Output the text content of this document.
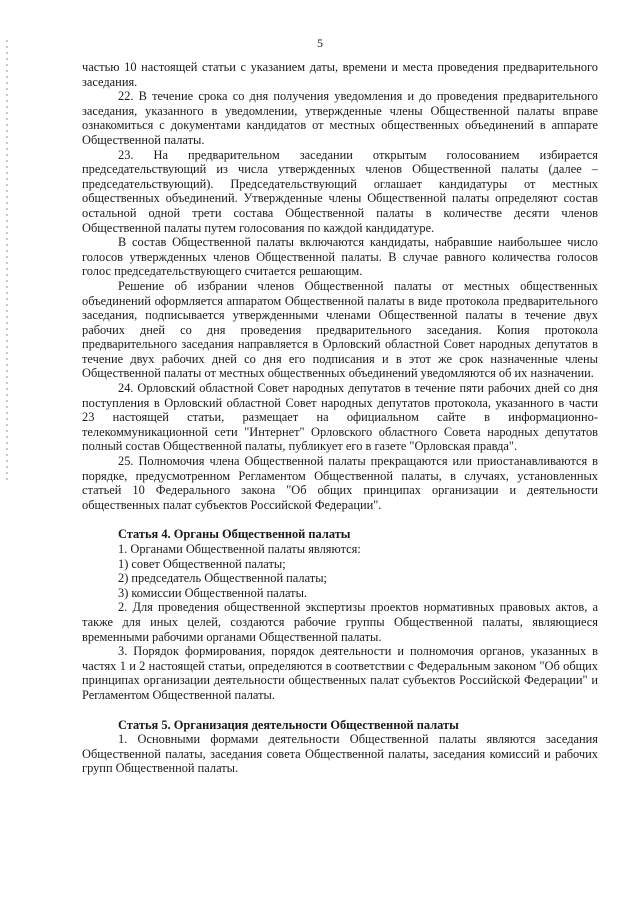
5

частью 10 настоящей статьи с указанием даты, времени и места проведения предварительного заседания.

22. В течение срока со дня получения уведомления и до проведения предварительного заседания, указанного в уведомлении, утвержденные члены Общественной палаты вправе ознакомиться с документами кандидатов от местных общественных объединений в аппарате Общественной палаты.

23. На предварительном заседании открытым голосованием избирается председательствующий из числа утвержденных членов Общественной палаты (далее – председательствующий). Председательствующий оглашает кандидатуры от местных общественных объединений. Утвержденные члены Общественной палаты определяют состав остальной одной трети состава Общественной палаты в количестве десяти членов Общественной палаты путем голосования по каждой кандидатуре.

В состав Общественной палаты включаются кандидаты, набравшие наибольшее число голосов утвержденных членов Общественной палаты. В случае равного количества голосов голос председательствующего считается решающим.

Решение об избрании членов Общественной палаты от местных общественных объединений оформляется аппаратом Общественной палаты в виде протокола предварительного заседания, подписывается утвержденными членами Общественной палаты в течение двух рабочих дней со дня проведения предварительного заседания. Копия протокола предварительного заседания направляется в Орловский областной Совет народных депутатов в течение двух рабочих дней со дня его подписания и в этот же срок назначенные члены Общественной палаты от местных общественных объединений уведомляются об их назначении.

24. Орловский областной Совет народных депутатов в течение пяти рабочих дней со дня поступления в Орловский областной Совет народных депутатов протокола, указанного в части 23 настоящей статьи, размещает на официальном сайте в информационно-телекоммуникационной сети "Интернет" Орловского областного Совета народных депутатов полный состав Общественной палаты, публикует его в газете "Орловская правда".

25. Полномочия члена Общественной палаты прекращаются или приостанавливаются в порядке, предусмотренном Регламентом Общественной палаты, в случаях, установленных статьей 10 Федерального закона "Об общих принципах организации и деятельности общественных палат субъектов Российской Федерации".

Статья 4. Органы Общественной палаты

1. Органами Общественной палаты являются:

1) совет Общественной палаты;

2) председатель Общественной палаты;

3) комиссии Общественной палаты.

2. Для проведения общественной экспертизы проектов нормативных правовых актов, а также для иных целей, создаются рабочие группы Общественной палаты, являющиеся временными рабочими органами Общественной палаты.

3. Порядок формирования, порядок деятельности и полномочия органов, указанных в частях 1 и 2 настоящей статьи, определяются в соответствии с Федеральным законом "Об общих принципах организации деятельности общественных палат субъектов Российской Федерации" и Регламентом Общественной палаты.

Статья 5. Организация деятельности Общественной палаты

1. Основными формами деятельности Общественной палаты являются заседания Общественной палаты, заседания совета Общественной палаты, заседания комиссий и рабочих групп Общественной палаты.
